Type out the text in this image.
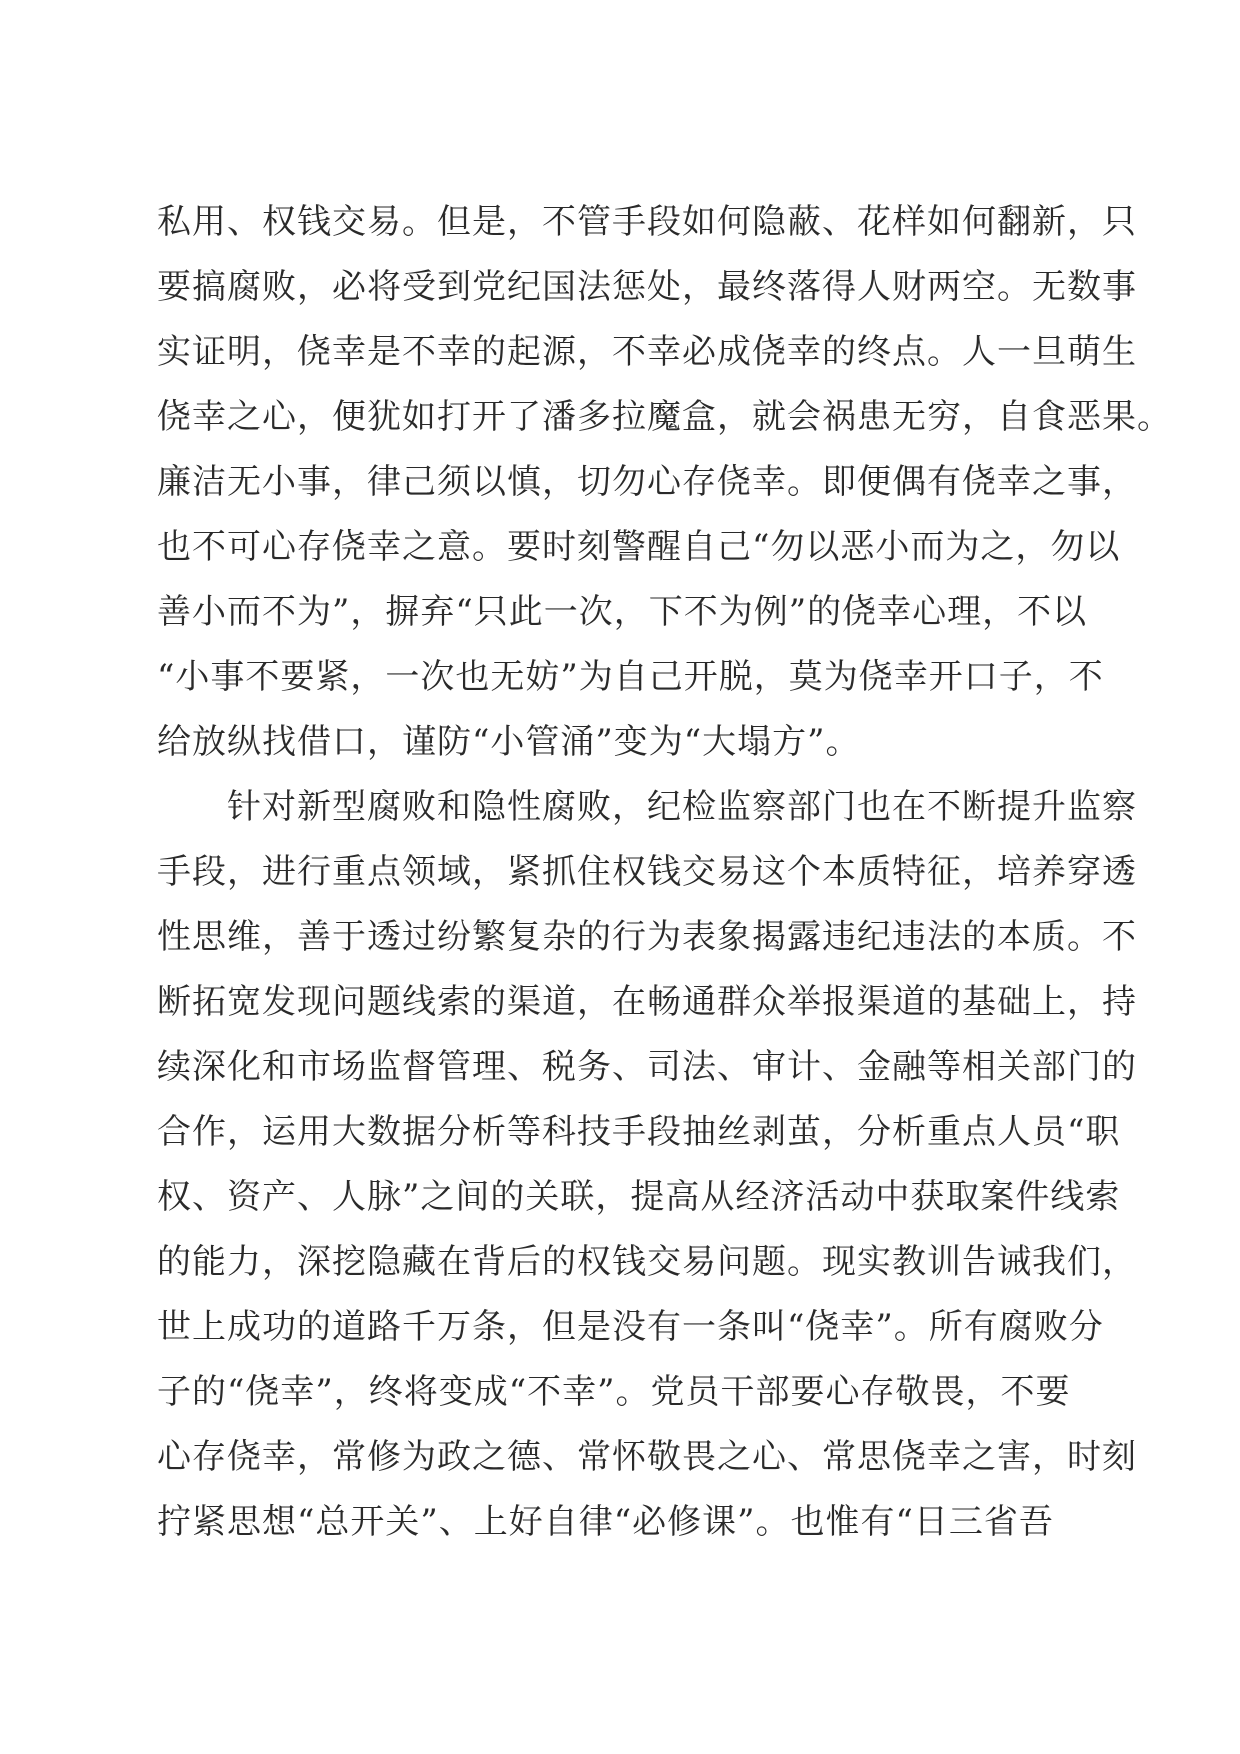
私用、权钱交易。但是，不管手段如何隐蔽、花样如何翻新，只
要搞腐败，必将受到党纪国法惩处，最终落得人财两空。无数事
实证明，侥幸是不幸的起源，不幸必成侥幸的终点。人一旦萌生
侥幸之心，便犹如打开了潘多拉魔盒，就会祸患无穷，自食恶果。
廉洁无小事，律己须以慎，切勿心存侥幸。即便偶有侥幸之事，
也不可心存侥幸之意。要时刻警醒自己“勿以恶小而为之，勿以
善小而不为”，摒弃“只此一次，下不为例”的侥幸心理，不以
“小事不要紧，一次也无妨”为自己开脱，莫为侥幸开口子，不
给放纵找借口，谨防“小管涌”变为“大塌方”。
　　针对新型腐败和隐性腐败，纪检监察部门也在不断提升监察
手段，进行重点领域，紧抓住权钱交易这个本质特征，培养穿透
性思维，善于透过纷繁复杂的行为表象揭露违纪违法的本质。不
断拓宽发现问题线索的渠道，在畅通群众举报渠道的基础上，持
续深化和市场监督管理、税务、司法、审计、金融等相关部门的
合作，运用大数据分析等科技手段抽丝剥茧，分析重点人员“职
权、资产、人脉”之间的关联，提高从经济活动中获取案件线索
的能力，深挖隐藏在背后的权钱交易问题。现实教训告诫我们，
世上成功的道路千万条，但是没有一条叫“侥幸”。所有腐败分
子的“侥幸”，终将变成“不幸”。党员干部要心存敬畏，不要
心存侥幸，常修为政之德、常怀敬畏之心、常思侥幸之害，时刻
拧紧思想“总开关”、上好自律“必修课”。也惟有“日三省吾
